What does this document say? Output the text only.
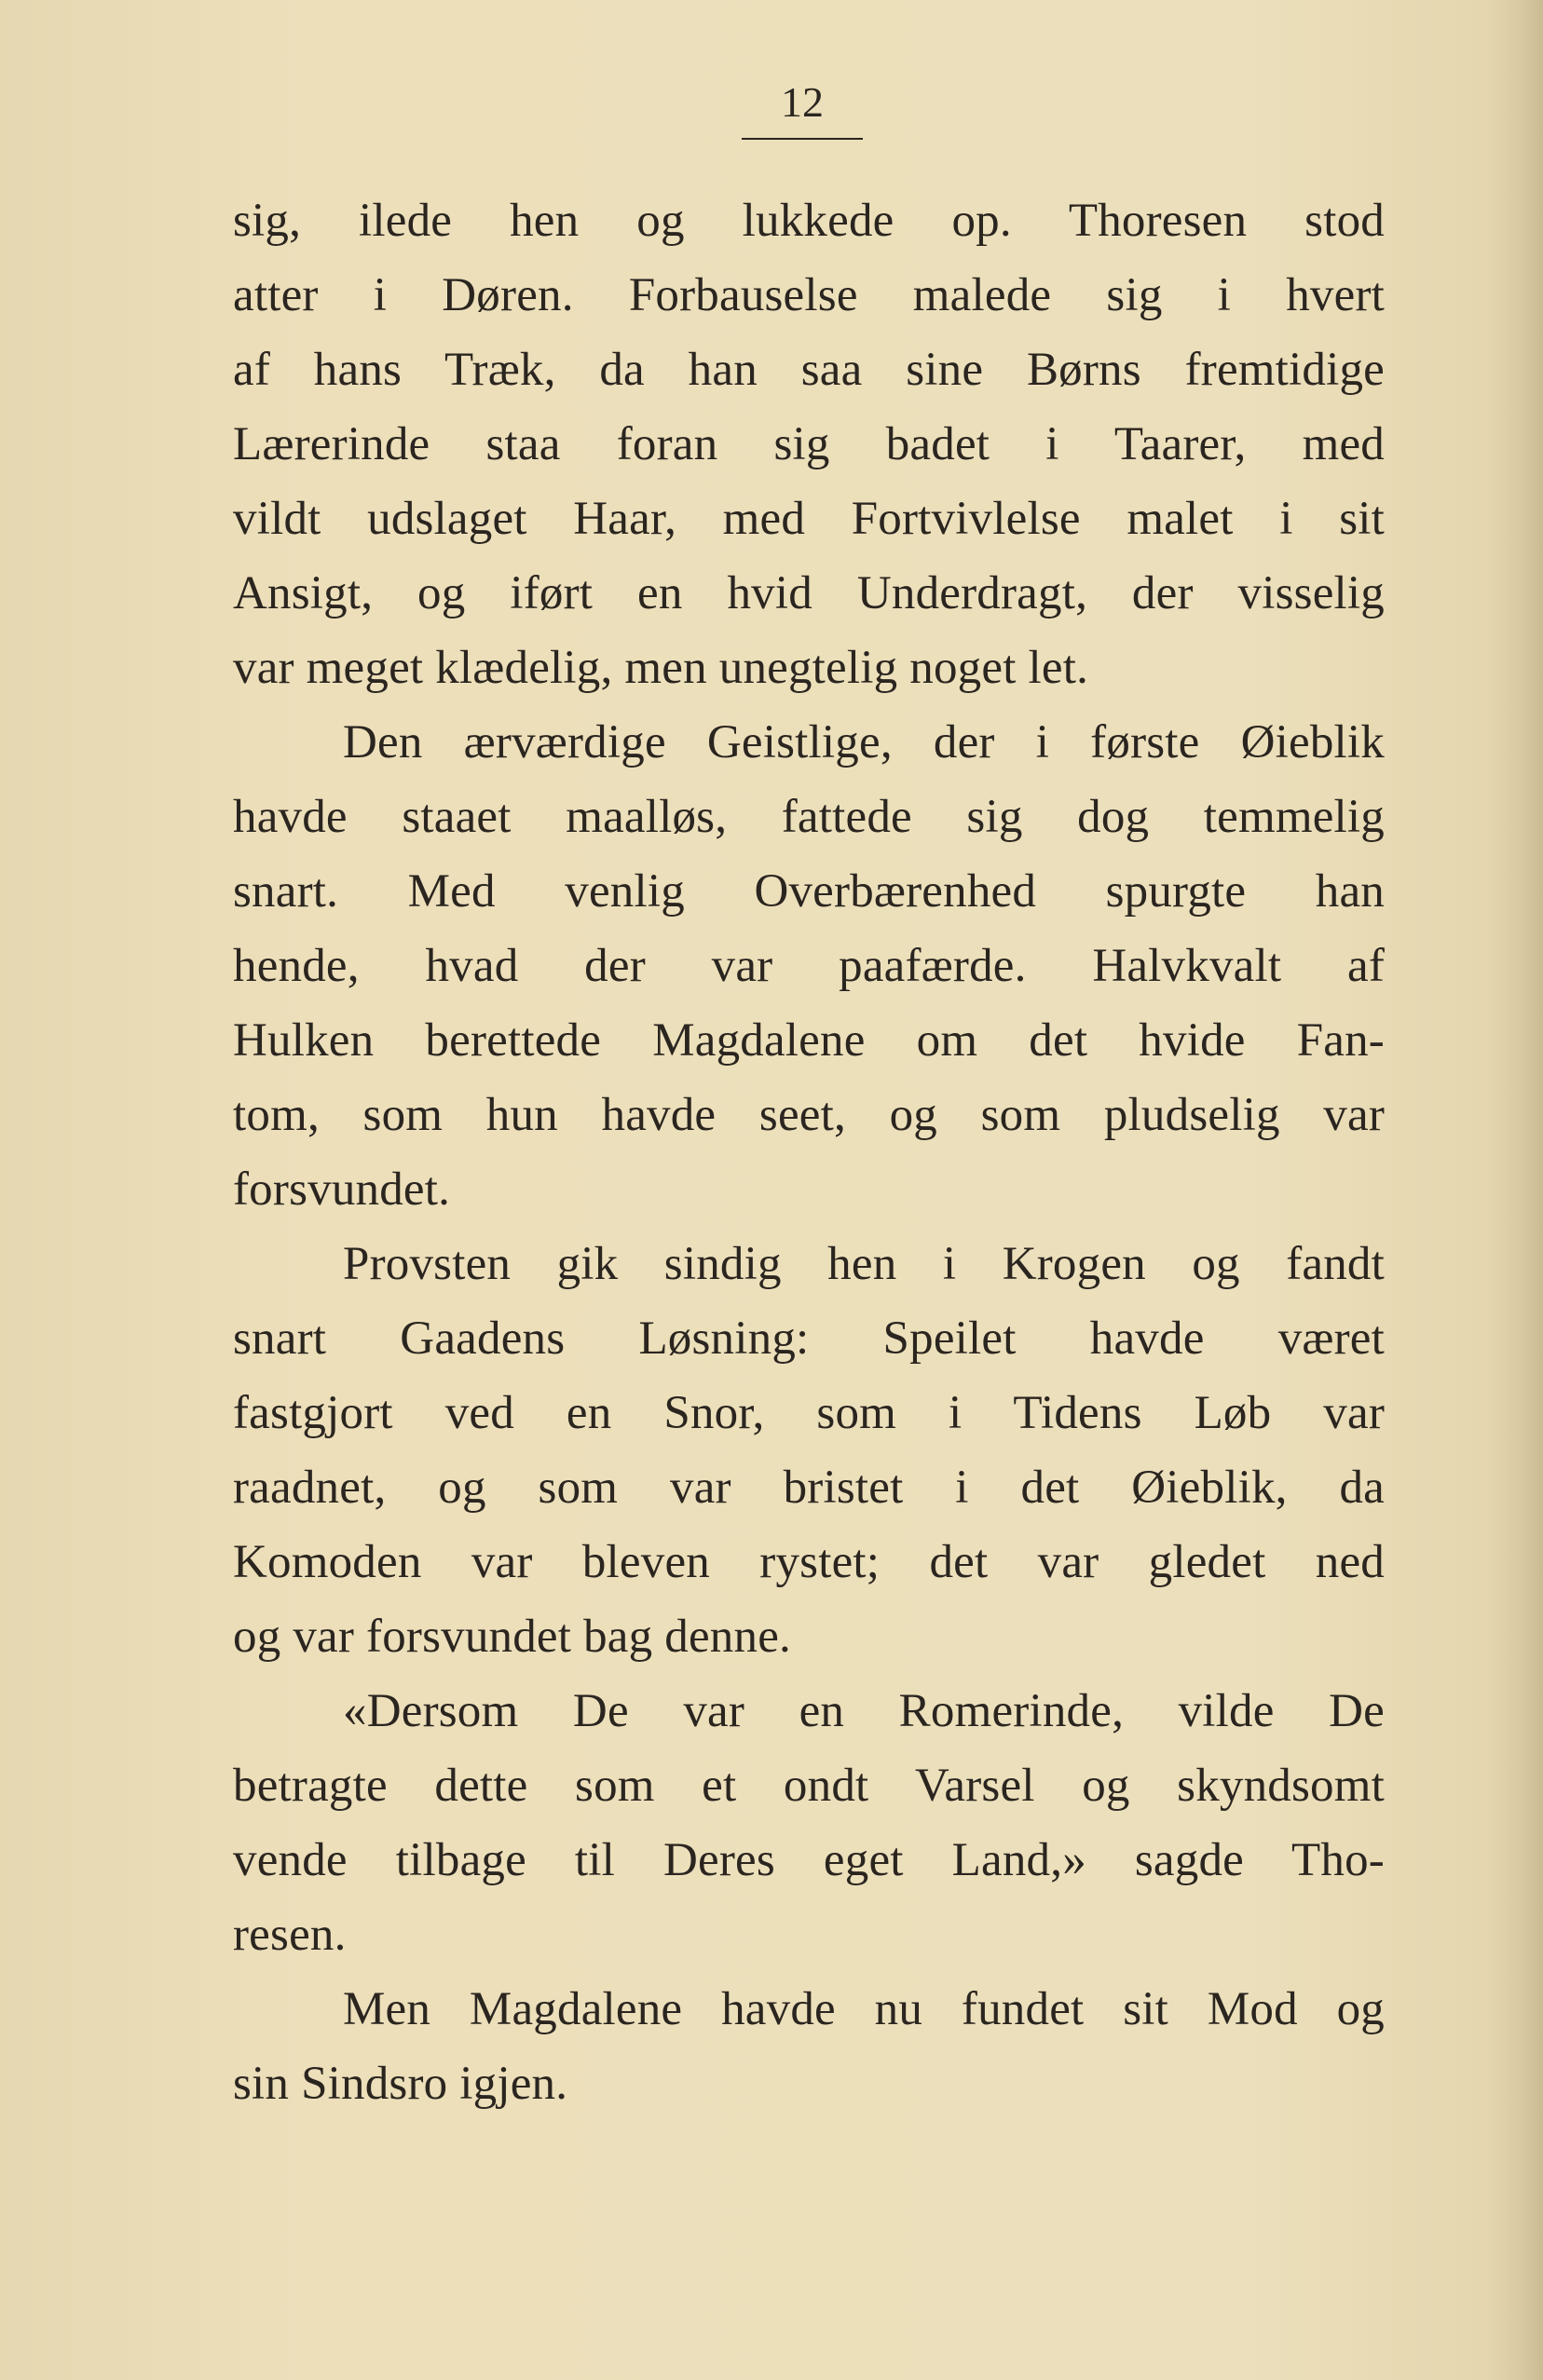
12
sig, ilede hen og lukkede op. Thoresen stod
atter i Døren. Forbauselse malede sig i hvert
af hans Træk, da han saa sine Børns fremtidige
Lærerinde staa foran sig badet i Taarer, med
vildt udslaget Haar, med Fortvivlelse malet i sit
Ansigt, og iført en hvid Underdragt, der visselig
var meget klædelig, men unegtelig noget let.
Den ærværdige Geistlige, der i første Øieblik
havde staaet maalløs, fattede sig dog temmelig
snart. Med venlig Overbærenhed spurgte han
hende, hvad der var paafærde. Halvkvalt af
Hulken berettede Magdalene om det hvide Fan-
tom, som hun havde seet, og som pludselig var
forsvundet.
Provsten gik sindig hen i Krogen og fandt
snart Gaadens Løsning: Speilet havde været
fastgjort ved en Snor, som i Tidens Løb var
raadnet, og som var bristet i det Øieblik, da
Komoden var bleven rystet; det var gledet ned
og var forsvundet bag denne.
«Dersom De var en Romerinde, vilde De
betragte dette som et ondt Varsel og skyndsomt
vende tilbage til Deres eget Land,» sagde Tho-
resen.
Men Magdalene havde nu fundet sit Mod og
sin Sindsro igjen.
